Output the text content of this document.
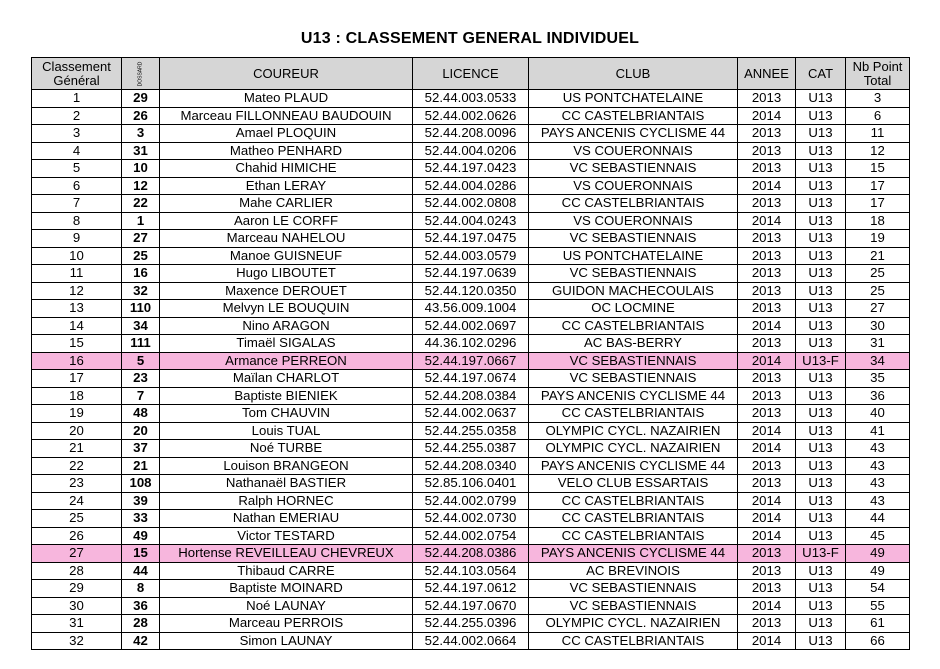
U13 : CLASSEMENT GENERAL INDIVIDUEL
Classement
Général	DOSSARD	COUREUR	LICENCE	CLUB	ANNEE	CAT	Nb Point
Total
1	29	Mateo PLAUD	52.44.003.0533	US PONTCHATELAINE	2013	U13	3
2	26	Marceau FILLONNEAU BAUDOUIN	52.44.002.0626	CC CASTELBRIANTAIS	2014	U13	6
3	3	Amael PLOQUIN	52.44.208.0096	PAYS ANCENIS CYCLISME 44	2013	U13	11
4	31	Matheo PENHARD	52.44.004.0206	VS COUERONNAIS	2013	U13	12
5	10	Chahid HIMICHE	52.44.197.0423	VC SEBASTIENNAIS	2013	U13	15
6	12	Ethan LERAY	52.44.004.0286	VS COUERONNAIS	2014	U13	17
7	22	Mahe CARLIER	52.44.002.0808	CC CASTELBRIANTAIS	2013	U13	17
8	1	Aaron LE CORFF	52.44.004.0243	VS COUERONNAIS	2014	U13	18
9	27	Marceau NAHELOU	52.44.197.0475	VC SEBASTIENNAIS	2013	U13	19
10	25	Manoe GUISNEUF	52.44.003.0579	US PONTCHATELAINE	2013	U13	21
11	16	Hugo LIBOUTET	52.44.197.0639	VC SEBASTIENNAIS	2013	U13	25
12	32	Maxence DEROUET	52.44.120.0350	GUIDON MACHECOULAIS	2013	U13	25
13	110	Melvyn LE BOUQUIN	43.56.009.1004	OC LOCMINE	2013	U13	27
14	34	Nino ARAGON	52.44.002.0697	CC CASTELBRIANTAIS	2014	U13	30
15	111	Timaël SIGALAS	44.36.102.0296	AC BAS-BERRY	2013	U13	31
16	5	Armance PERREON	52.44.197.0667	VC SEBASTIENNAIS	2014	U13-F	34
17	23	Maïlan CHARLOT	52.44.197.0674	VC SEBASTIENNAIS	2013	U13	35
18	7	Baptiste BIENIEK	52.44.208.0384	PAYS ANCENIS CYCLISME 44	2013	U13	36
19	48	Tom CHAUVIN	52.44.002.0637	CC CASTELBRIANTAIS	2013	U13	40
20	20	Louis TUAL	52.44.255.0358	OLYMPIC CYCL. NAZAIRIEN	2014	U13	41
21	37	Noé TURBE	52.44.255.0387	OLYMPIC CYCL. NAZAIRIEN	2014	U13	43
22	21	Louison BRANGEON	52.44.208.0340	PAYS ANCENIS CYCLISME 44	2013	U13	43
23	108	Nathanaël BASTIER	52.85.106.0401	VELO CLUB ESSARTAIS	2013	U13	43
24	39	Ralph HORNEC	52.44.002.0799	CC CASTELBRIANTAIS	2014	U13	43
25	33	Nathan EMERIAU	52.44.002.0730	CC CASTELBRIANTAIS	2014	U13	44
26	49	Victor TESTARD	52.44.002.0754	CC CASTELBRIANTAIS	2014	U13	45
27	15	Hortense REVEILLEAU CHEVREUX	52.44.208.0386	PAYS ANCENIS CYCLISME 44	2013	U13-F	49
28	44	Thibaud CARRE	52.44.103.0564	AC BREVINOIS	2013	U13	49
29	8	Baptiste MOINARD	52.44.197.0612	VC SEBASTIENNAIS	2013	U13	54
30	36	Noé LAUNAY	52.44.197.0670	VC SEBASTIENNAIS	2014	U13	55
31	28	Marceau PERROIS	52.44.255.0396	OLYMPIC CYCL. NAZAIRIEN	2013	U13	61
32	42	Simon LAUNAY	52.44.002.0664	CC CASTELBRIANTAIS	2014	U13	66
